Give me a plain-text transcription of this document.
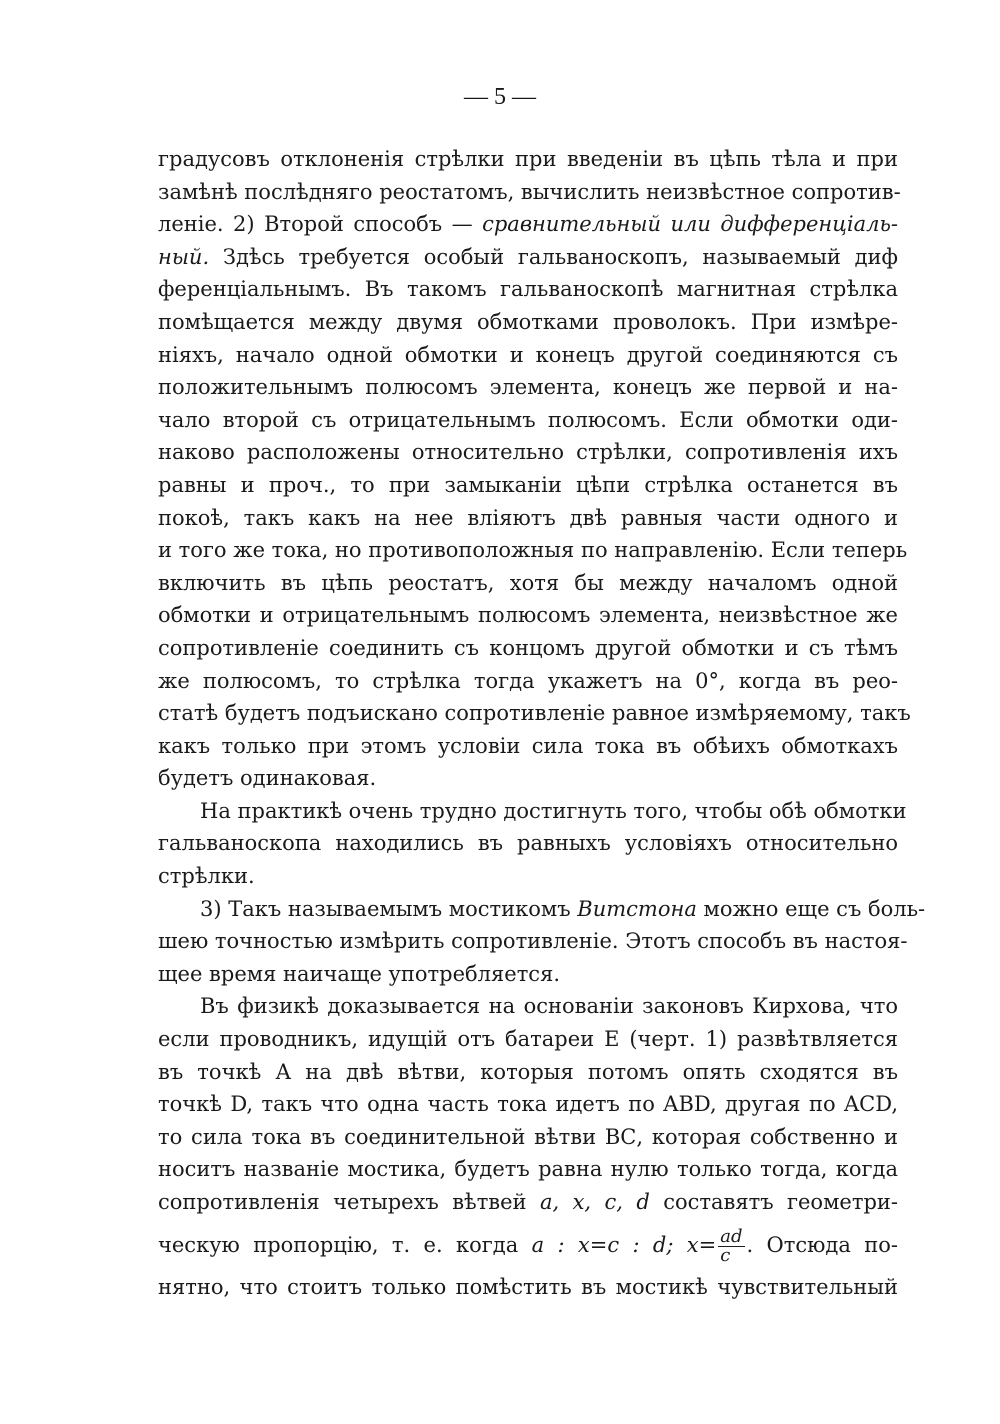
— 5 —
градусовъ отклоненія стрѣлки при введеніи въ цѣпь тѣла и при
замѣнѣ послѣдняго реостатомъ, вычислить неизвѣстное сопротив-
леніе. 2) Второй способъ — сравнительный или дифференціаль-
ный. Здѣсь требуется особый гальваноскопъ, называемый диф
ференціальнымъ. Въ такомъ гальваноскопѣ магнитная стрѣлка
помѣщается между двумя обмотками проволокъ. При измѣре-
ніяхъ, начало одной обмотки и конецъ другой соединяются съ
положительнымъ полюсомъ элемента, конецъ же первой и на-
чало второй съ отрицательнымъ полюсомъ. Если обмотки оди-
наково расположены относительно стрѣлки, сопротивленія ихъ
равны и проч., то при замыканіи цѣпи стрѣлка останется въ
покоѣ, такъ какъ на нее вліяютъ двѣ равныя части одного и
и того же тока, но противоположныя по направленію. Если теперь
включить въ цѣпь реостатъ, хотя бы между началомъ одной
обмотки и отрицательнымъ полюсомъ элемента, неизвѣстное же
сопротивленіе соединить съ концомъ другой обмотки и съ тѣмъ
же полюсомъ, то стрѣлка тогда укажетъ на 0°, когда въ рео-
статѣ будетъ подъискано сопротивленіе равное измѣряемому, такъ
какъ только при этомъ условіи сила тока въ обѣихъ обмоткахъ
будетъ одинаковая.
На практикѣ очень трудно достигнуть того, чтобы обѣ обмотки
гальваноскопа находились въ равныхъ условіяхъ относительно
стрѣлки.
3) Такъ называемымъ мостикомъ Витстона можно еще съ боль-
шею точностью измѣрить сопротивленіе. Этотъ способъ въ настоя-
щее время наичаще употребляется.
Въ физикѣ доказывается на основаніи законовъ Кирхова, что
если проводникъ, идущій отъ батареи Е (черт. 1) развѣтвляется
въ точкѣ А на двѣ вѣтви, которыя потомъ опять сходятся въ
точкѣ D, такъ что одна часть тока идетъ по ABD, другая по ACD,
то сила тока въ соединительной вѣтви ВС, которая собственно и
носитъ названіе мостика, будетъ равна нулю только тогда, когда
сопротивленія четырехъ вѣтвей a, x, c, d составятъ геометри-
ческую пропорцію, т. е. когда a : x=c : d; $x= \frac{ad}{c}$ . Отсюда по-
нятно, что стоитъ только помѣстить въ мостикѣ чувствительный
